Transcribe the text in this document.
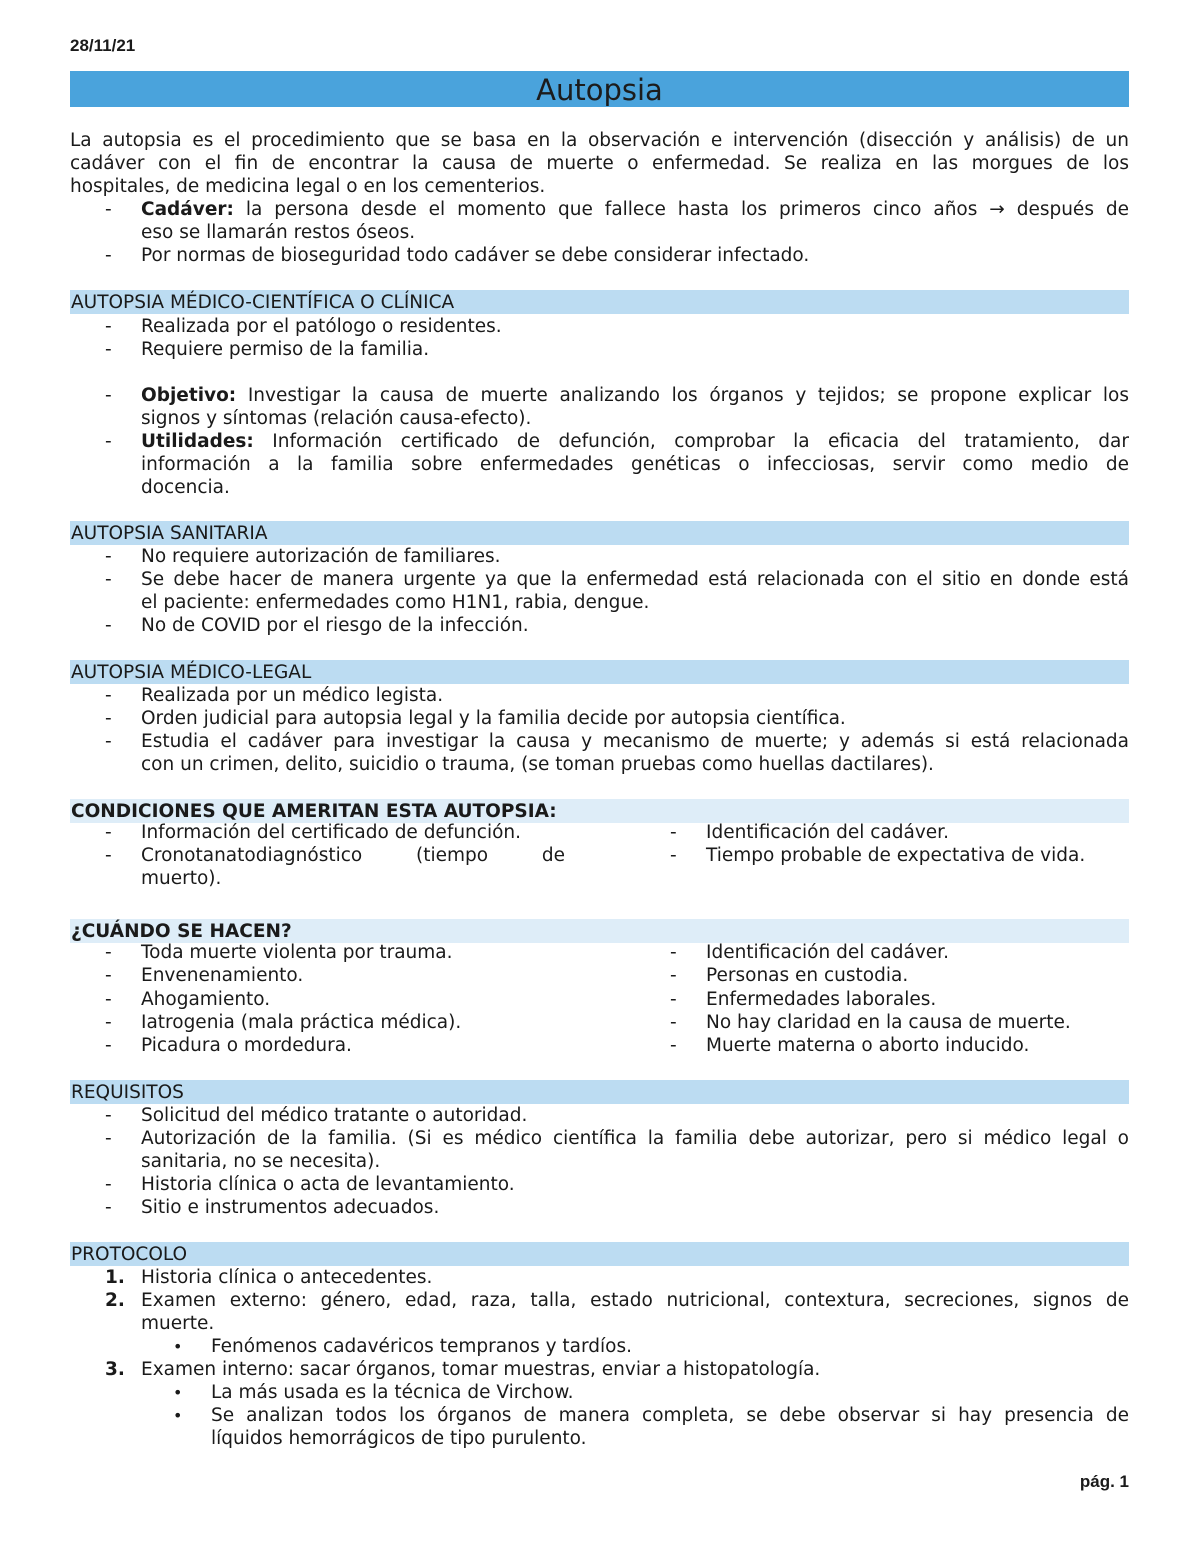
28/11/21
Autopsia
La autopsia es el procedimiento que se basa en la observación e intervención (disección y análisis) de un
cadáver con el fin de encontrar la causa de muerte o enfermedad. Se realiza en las morgues de los
hospitales, de medicina legal o en los cementerios.
- Cadáver: la persona desde el momento que fallece hasta los primeros cinco años → después de
eso se llamarán restos óseos.
- Por normas de bioseguridad todo cadáver se debe considerar infectado.
AUTOPSIA MÉDICO-CIENTÍFICA O CLÍNICA
- Realizada por el patólogo o residentes.
- Requiere permiso de la familia.
- Objetivo: Investigar la causa de muerte analizando los órganos y tejidos; se propone explicar los
signos y síntomas (relación causa-efecto).
- Utilidades: Información certificado de defunción, comprobar la eficacia del tratamiento, dar
información a la familia sobre enfermedades genéticas o infecciosas, servir como medio de
docencia.
AUTOPSIA SANITARIA
- No requiere autorización de familiares.
- Se debe hacer de manera urgente ya que la enfermedad está relacionada con el sitio en donde está
el paciente: enfermedades como H1N1, rabia, dengue.
- No de COVID por el riesgo de la infección.
AUTOPSIA MÉDICO-LEGAL
- Realizada por un médico legista.
- Orden judicial para autopsia legal y la familia decide por autopsia científica.
- Estudia el cadáver para investigar la causa y mecanismo de muerte; y además si está relacionada
con un crimen, delito, suicidio o trauma, (se toman pruebas como huellas dactilares).
CONDICIONES QUE AMERITAN ESTA AUTOPSIA:
- Información del certificado de defunción.	- Identificación del cadáver.
- Cronotanatodiagnóstico (tiempo de	- Tiempo probable de expectativa de vida.
muerto).
¿CUÁNDO SE HACEN?
- Toda muerte violenta por trauma.	- Identificación del cadáver.
- Envenenamiento.	- Personas en custodia.
- Ahogamiento.	- Enfermedades laborales.
- Iatrogenia (mala práctica médica).	- No hay claridad en la causa de muerte.
- Picadura o mordedura.	- Muerte materna o aborto inducido.
REQUISITOS
- Solicitud del médico tratante o autoridad.
- Autorización de la familia. (Si es médico científica la familia debe autorizar, pero si médico legal o
sanitaria, no se necesita).
- Historia clínica o acta de levantamiento.
- Sitio e instrumentos adecuados.
PROTOCOLO
1. Historia clínica o antecedentes.
2. Examen externo: género, edad, raza, talla, estado nutricional, contextura, secreciones, signos de
muerte.
• Fenómenos cadavéricos tempranos y tardíos.
3. Examen interno: sacar órganos, tomar muestras, enviar a histopatología.
• La más usada es la técnica de Virchow.
• Se analizan todos los órganos de manera completa, se debe observar si hay presencia de
líquidos hemorrágicos de tipo purulento.
pág. 1
